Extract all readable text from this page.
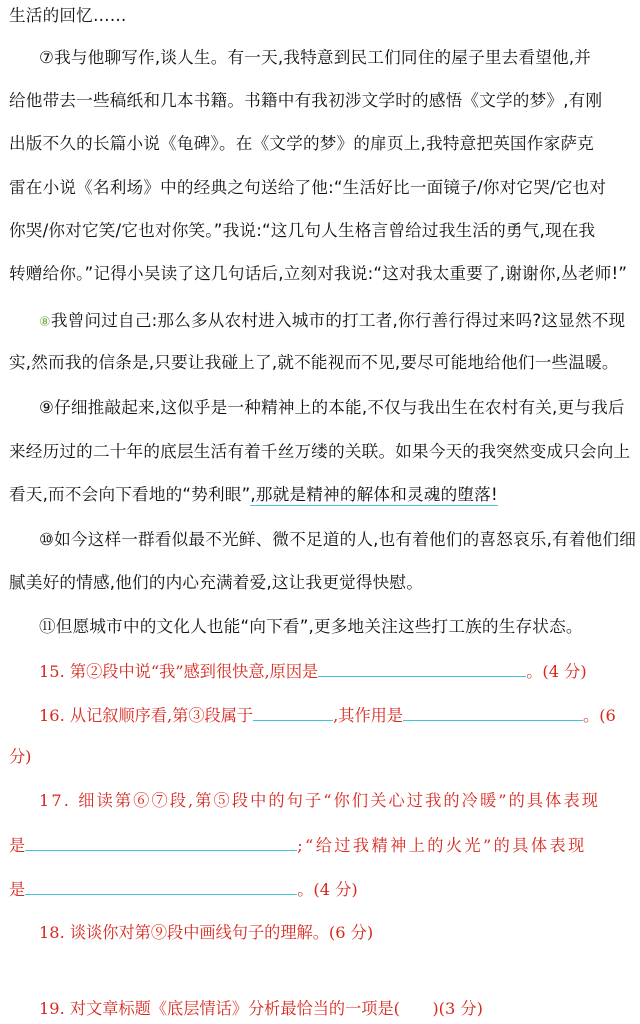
生活的回忆……
⑦我与他聊写作,谈人生。有一天,我特意到民工们同住的屋子里去看望他,并
给他带去一些稿纸和几本书籍。书籍中有我初涉文学时的感悟《文学的梦》,有刚
出版不久的长篇小说《龟碑》。在《文学的梦》的扉页上,我特意把英国作家萨克
雷在小说《名利场》中的经典之句送给了他:“生活好比一面镜子/你对它哭/它也对
你哭/你对它笑/它也对你笑。”我说:“这几句人生格言曾给过我生活的勇气,现在我
转赠给你。”记得小吴读了这几句话后,立刻对我说:“这对我太重要了,谢谢你,丛老师!”
⑧我曾问过自己:那么多从农村进入城市的打工者,你行善行得过来吗?这显然不现
实,然而我的信条是,只要让我碰上了,就不能视而不见,要尽可能地给他们一些温暖。
⑨仔细推敲起来,这似乎是一种精神上的本能,不仅与我出生在农村有关,更与我后
来经历过的二十年的底层生活有着千丝万缕的关联。如果今天的我突然变成只会向上
看天,而不会向下看地的“势利眼”,那就是精神的解体和灵魂的堕落!
⑩如今这样一群看似最不光鲜、微不足道的人,也有着他们的喜怒哀乐,有着他们细
腻美好的情感,他们的内心充满着爱,这让我更觉得快慰。
⑪但愿城市中的文化人也能“向下看”,更多地关注这些打工族的生存状态。
15. 第②段中说“我”感到很快意,原因是	。(4 分)
16. 从记叙顺序看,第③段属于	,其作用是	。(6
分)
17. 细读第⑥⑦段,第⑤段中的句子“你们关心过我的冷暖”的具体表现
是	;“给过我精神上的火光”的具体表现
是	。(4 分)
18. 谈谈你对第⑨段中画线句子的理解。(6 分)
19. 对文章标题《底层情话》分析最恰当的一项是(　　)(3 分)
